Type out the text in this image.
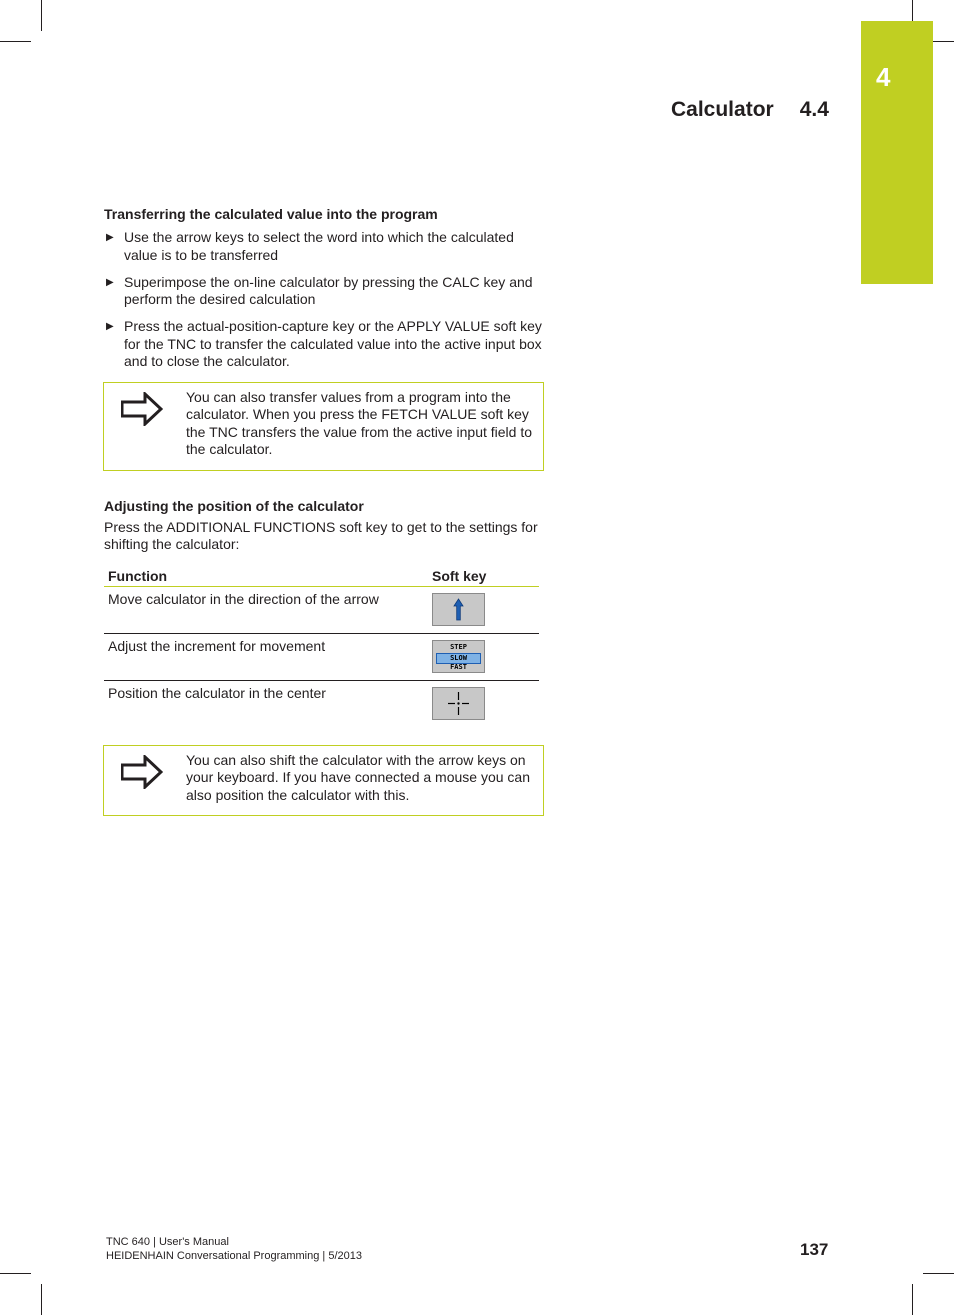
4
Calculator 4.4
Transferring the calculated value into the program
▶ Use the arrow keys to select the word into which the calculated value is to be transferred
▶ Superimpose the on-line calculator by pressing the CALC key and perform the desired calculation
▶ Press the actual-position-capture key or the APPLY VALUE soft key for the TNC to transfer the calculated value into the active input box and to close the calculator.
You can also transfer values from a program into the calculator. When you press the FETCH VALUE soft key the TNC transfers the value from the active input field to the calculator.
Adjusting the position of the calculator

Press the ADDITIONAL FUNCTIONS soft key to get to the settings for shifting the calculator:

Function	Soft key
Move calculator in the direction of the arrow	

Adjust the increment for movement	STEP
SLOW
FAST

Position the calculator in the center	
You can also shift the calculator with the arrow keys on your keyboard. If you have connected a mouse you can also position the calculator with this.
TNC 640 | User's Manual
HEIDENHAIN Conversational Programming | 5/2013	137
